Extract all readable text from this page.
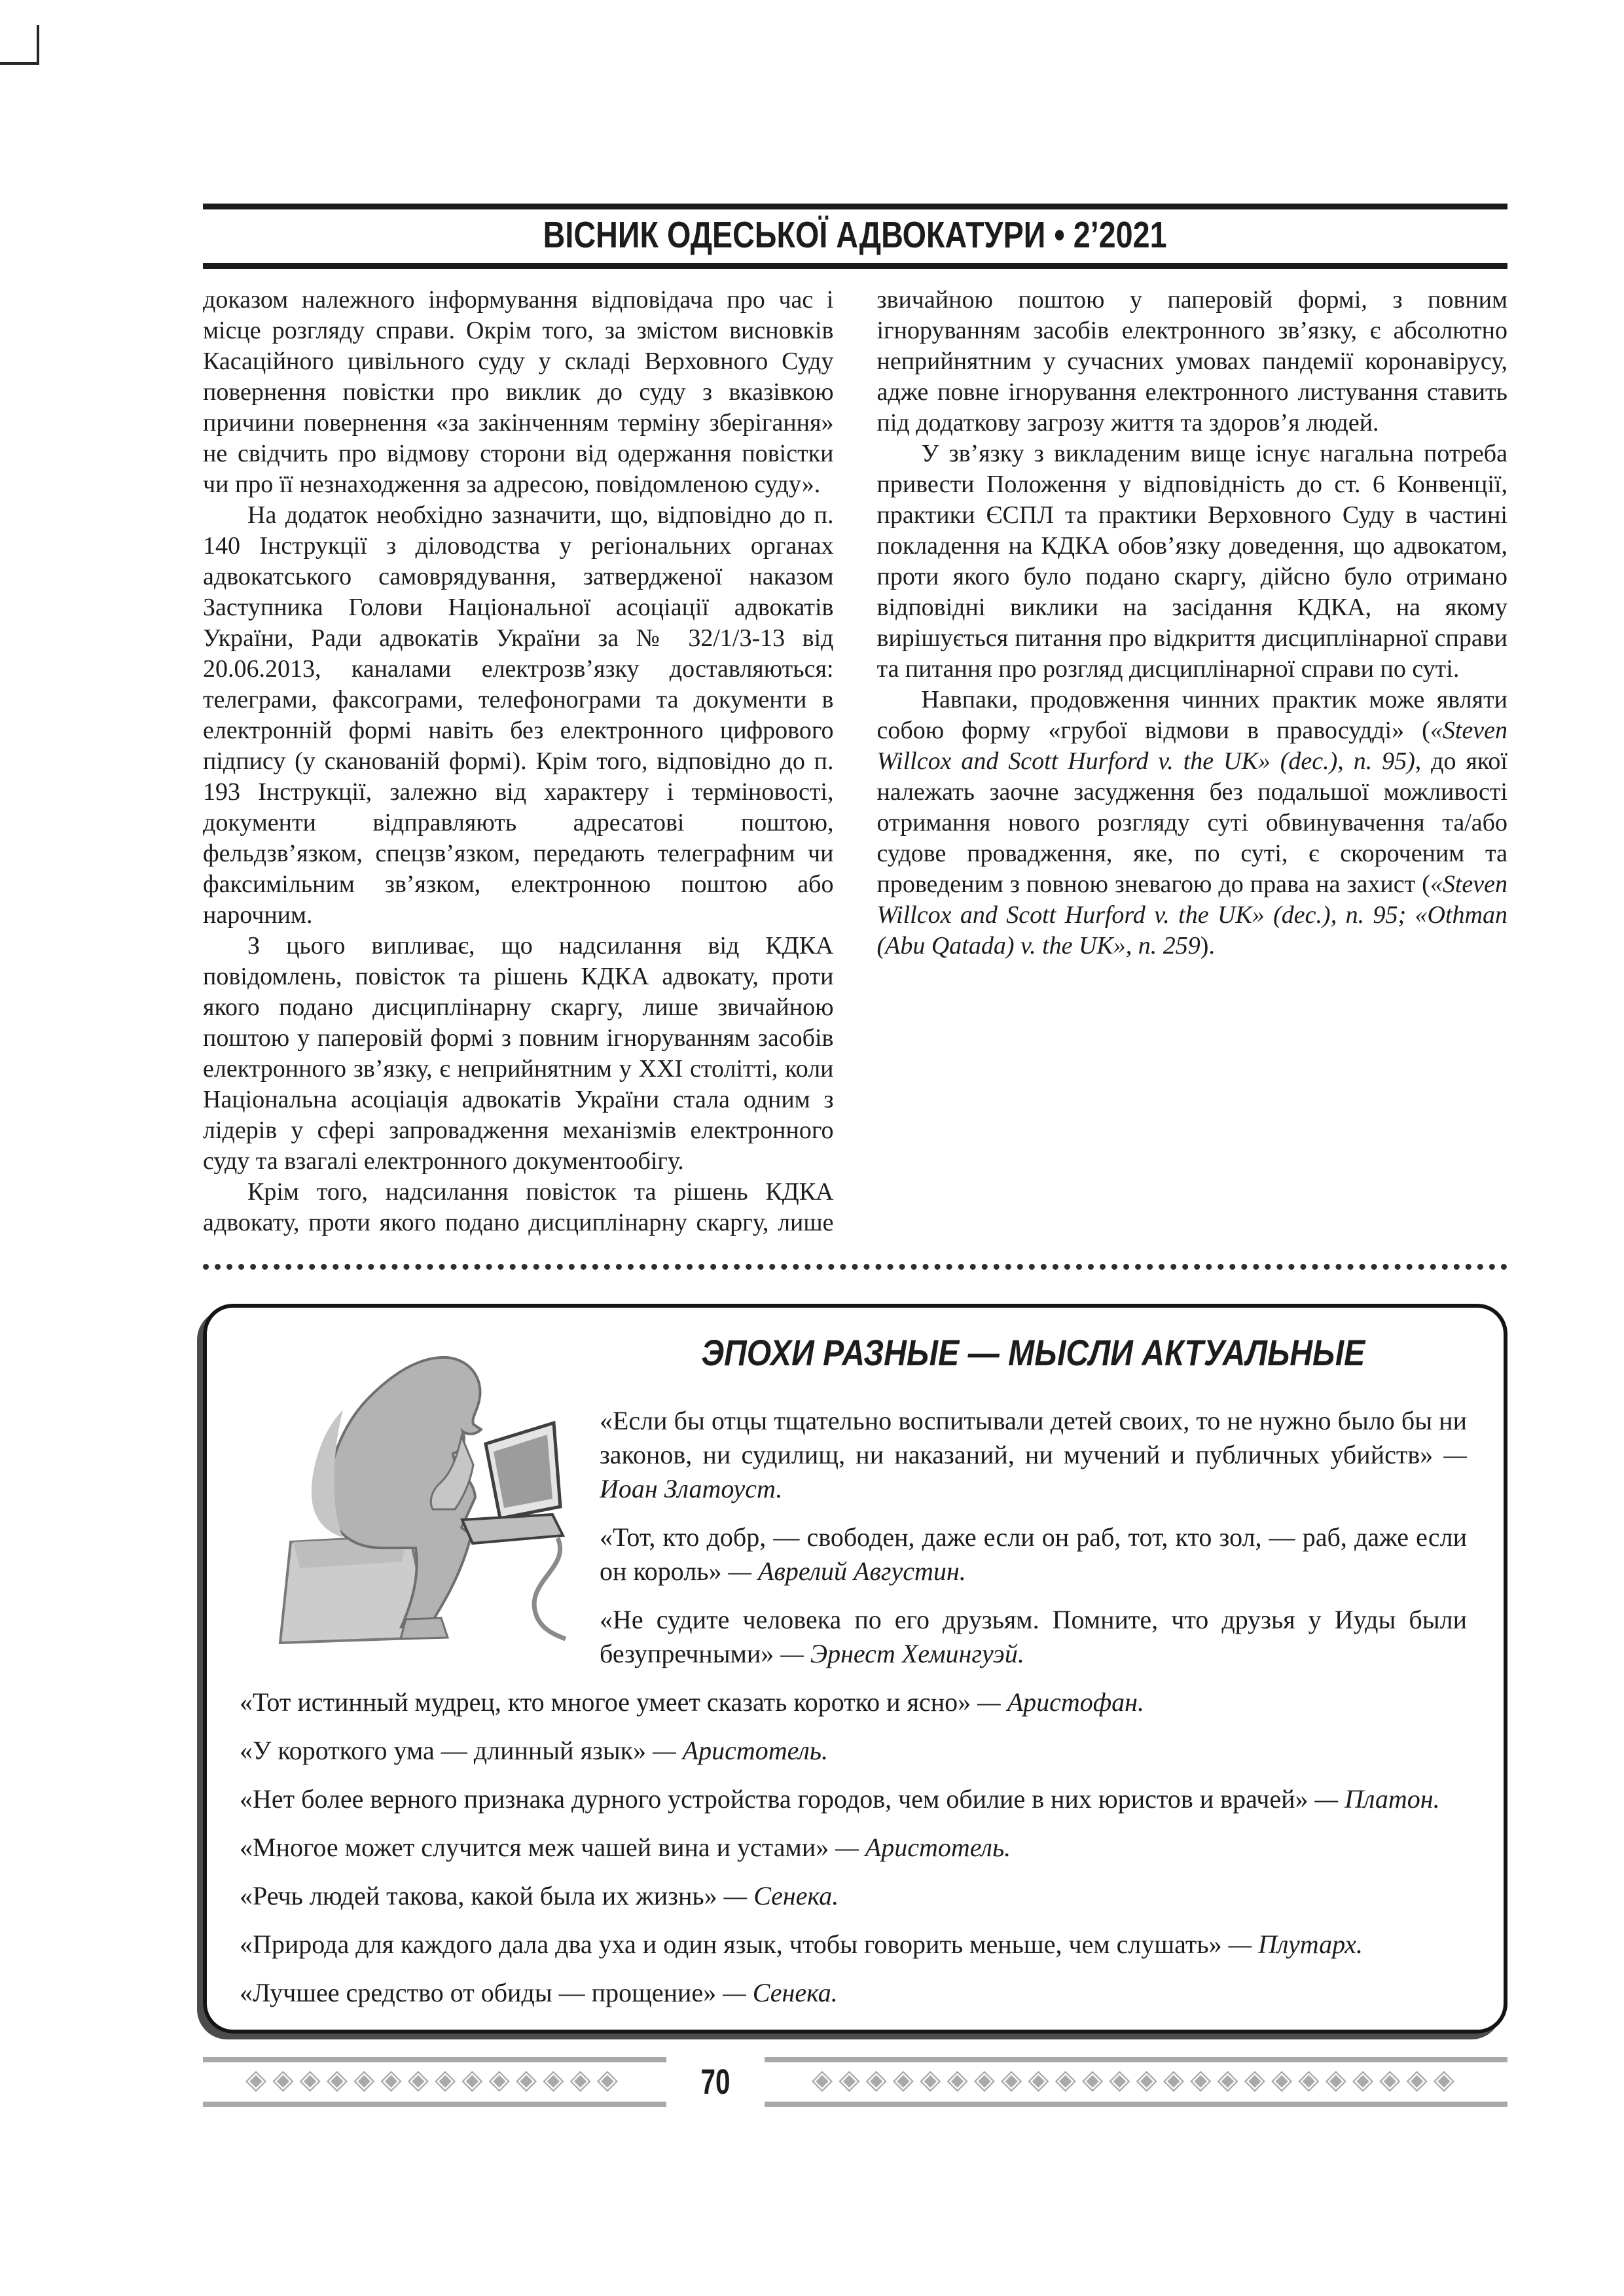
ВІСНИК ОДЕСЬКОЇ АДВОКАТУРИ • 2’2021

доказом належного інформування відповідача про час і місце розгляду справи. Окрім того, за змістом висновків Касаційного цивільного суду у складі Верховного Суду повернення повістки про виклик до суду з вказівкою причини повернення «за закінченням терміну зберігання» не свідчить про відмову сторони від одержання повістки чи про її незнаходження за адресою, повідомленою суду».

На додаток необхідно зазначити, що, відповідно до п. 140 Інструкції з діловодства у регіональних органах адвокатського самоврядування, затвердженої наказом Заступника Голови Національної асоціації адвокатів України, Ради адвокатів України за № 32/1/3-13 від 20.06.2013, каналами електрозв’язку доставляються: телеграми, факсограми, телефонограми та документи в електронній формі навіть без електронного цифрового підпису (у сканованій формі). Крім того, відповідно до п. 193 Інструкції, залежно від характеру і терміновості, документи відправляють адресатові поштою, фельдзв’язком, спецзв’язком, передають телеграфним чи факсимільним зв’язком, електронною поштою або нарочним.

З цього випливає, що надсилання від КДКА повідомлень, повісток та рішень КДКА адвокату, проти якого подано дисциплінарну скаргу, лише звичайною поштою у паперовій формі з повним ігноруванням засобів електронного зв’язку, є неприйнятним у XXI столітті, коли Національна асоціація адвокатів України стала одним з лідерів у сфері запровадження механізмів електронного суду та взагалі електронного документообігу.

Крім того, надсилання повісток та рішень КДКА адвокату, проти якого подано дисциплінарну скаргу, лише звичайною поштою у паперовій формі, з повним ігноруванням засобів електронного зв’язку, є абсолютно неприйнятним у сучасних умовах пандемії коронавірусу, адже повне ігнорування електронного листування ставить під додаткову загрозу життя та здоров’я людей.

У зв’язку з викладеним вище існує нагальна потреба привести Положення у відповідність до ст. 6 Конвенції, практики ЄСПЛ та практики Верховного Суду в частині покладення на КДКА обов’язку доведення, що адвокатом, проти якого було подано скаргу, дійсно було отримано відповідні виклики на засідання КДКА, на якому вирішується питання про відкриття дисциплінарної справи та питання про розгляд дисциплінарної справи по суті.

Навпаки, продовження чинних практик може являти собою форму «грубої відмови в правосудді» («Steven Willcox and Scott Hurford v. the UK» (dec.), n. 95), до якої належать заочне засудження без подальшої можливості отримання нового розгляду суті обвинувачення та/або судове провадження, яке, по суті, є скороченим та проведеним з повною зневагою до права на захист («Steven Willcox and Scott Hurford v. the UK» (dec.), n. 95; «Othman (Abu Qatada) v. the UK», n. 259).

ЭПОХИ РАЗНЫЕ — МЫСЛИ АКТУАЛЬНЫЕ

«Если бы отцы тщательно воспитывали детей своих, то не нужно было бы ни законов, ни судилищ, ни наказаний, ни мучений и публичных убийств» — Иоан Златоуст.

«Тот, кто добр, — свободен, даже если он раб, тот, кто зол, — раб, даже если он король» — Аврелий Августин.

«Не судите человека по его друзьям. Помните, что друзья у Иуды были безупречными» — Эрнест Хемингуэй.

«Тот истинный мудрец, кто многое умеет сказать коротко и ясно» — Аристофан.

«У короткого ума — длинный язык» — Аристотель.

«Нет более верного признака дурного устройства городов, чем обилие в них юристов и врачей» — Платон.

«Многое может случится меж чашей вина и устами» — Аристотель.

«Речь людей такова, какой была их жизнь» — Сенека.

«Природа для каждого дала два уха и один язык, чтобы говорить меньше, чем слушать» — Плутарх.

«Лучшее средство от обиды — прощение» — Сенека.

◈◈◈◈◈◈◈◈◈◈◈◈◈◈	70	◈◈◈◈◈◈◈◈◈◈◈◈◈◈◈◈◈◈◈◈◈◈◈◈
